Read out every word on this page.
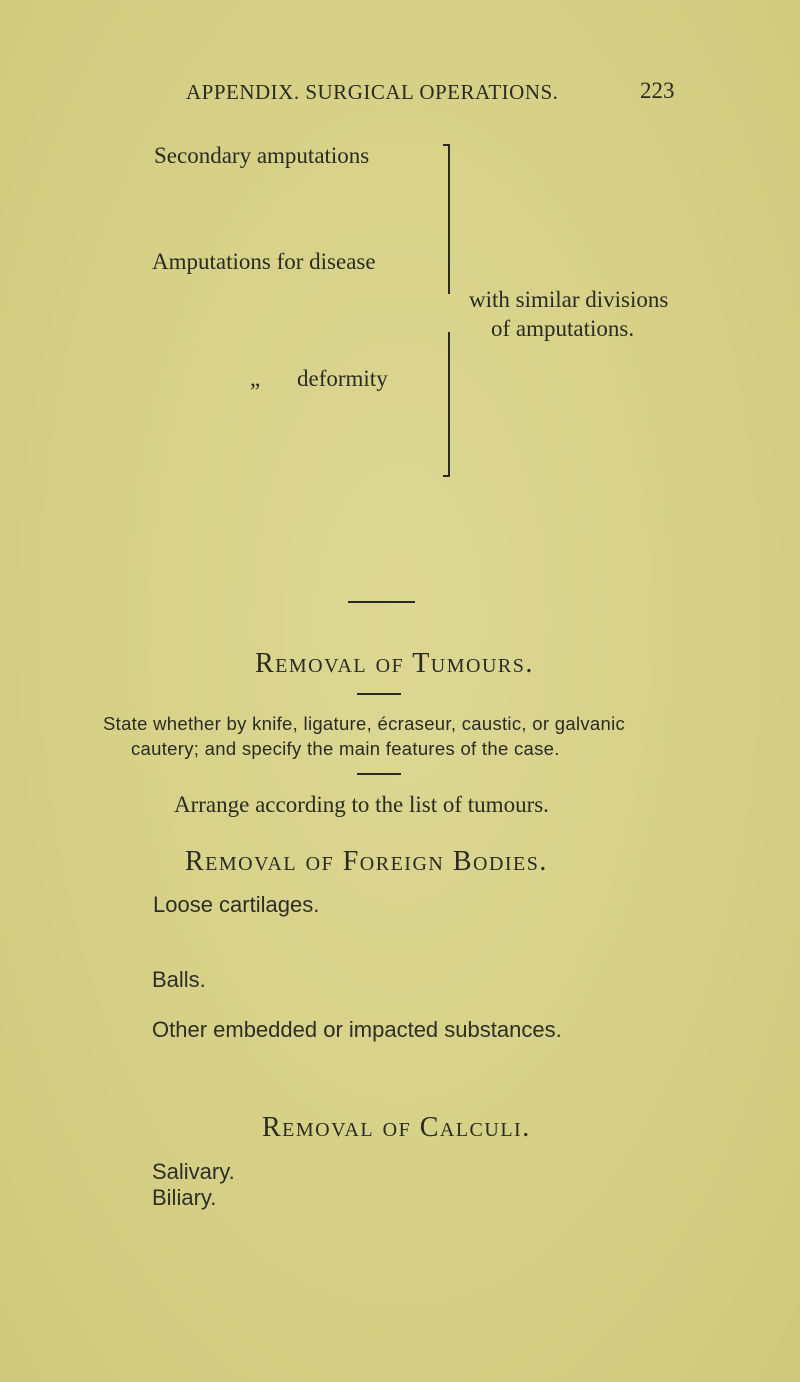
APPENDIX. SURGICAL OPERATIONS.	223
Secondary amputations
Amputations for disease
„ deformity
with similar divisions
of amputations.
Removal of Tumours.
State whether by knife, ligature, écraseur, caustic, or galvanic
cautery; and specify the main features of the case.
Arrange according to the list of tumours.
Removal of Foreign Bodies.
Loose cartilages.
Balls.
Other embedded or impacted substances.
Removal of Calculi.
Salivary.
Biliary.
